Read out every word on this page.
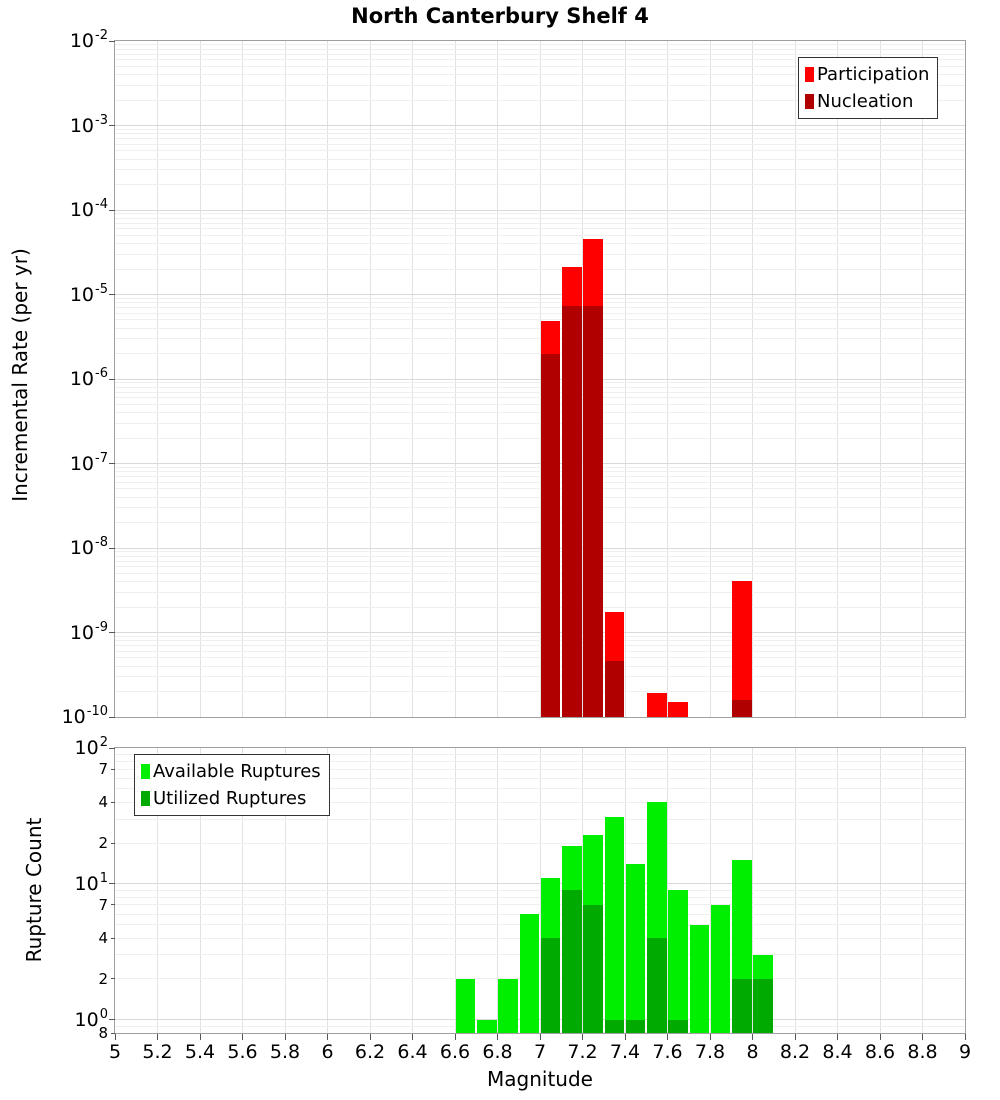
North Canterbury Shelf 4
Incremental Rate (per yr)
Rupture Count
Magnitude
Participation
Nucleation
Available Ruptures
Utilized Ruptures
$10^{-2}$
$10^{-3}$
$10^{-4}$
$10^{-5}$
$10^{-6}$
$10^{-7}$
$10^{-8}$
$10^{-9}$
$10^{-10}$
$10^2$
$10^1$
$10^0$
7
4
2
7
4
2
8
5	5.2 5.4 5.6 5.8	6	6.2 6.4 6.6 6.8	7	7.2 7.4 7.6 7.8	8	8.2 8.4 8.6 8.8	9
